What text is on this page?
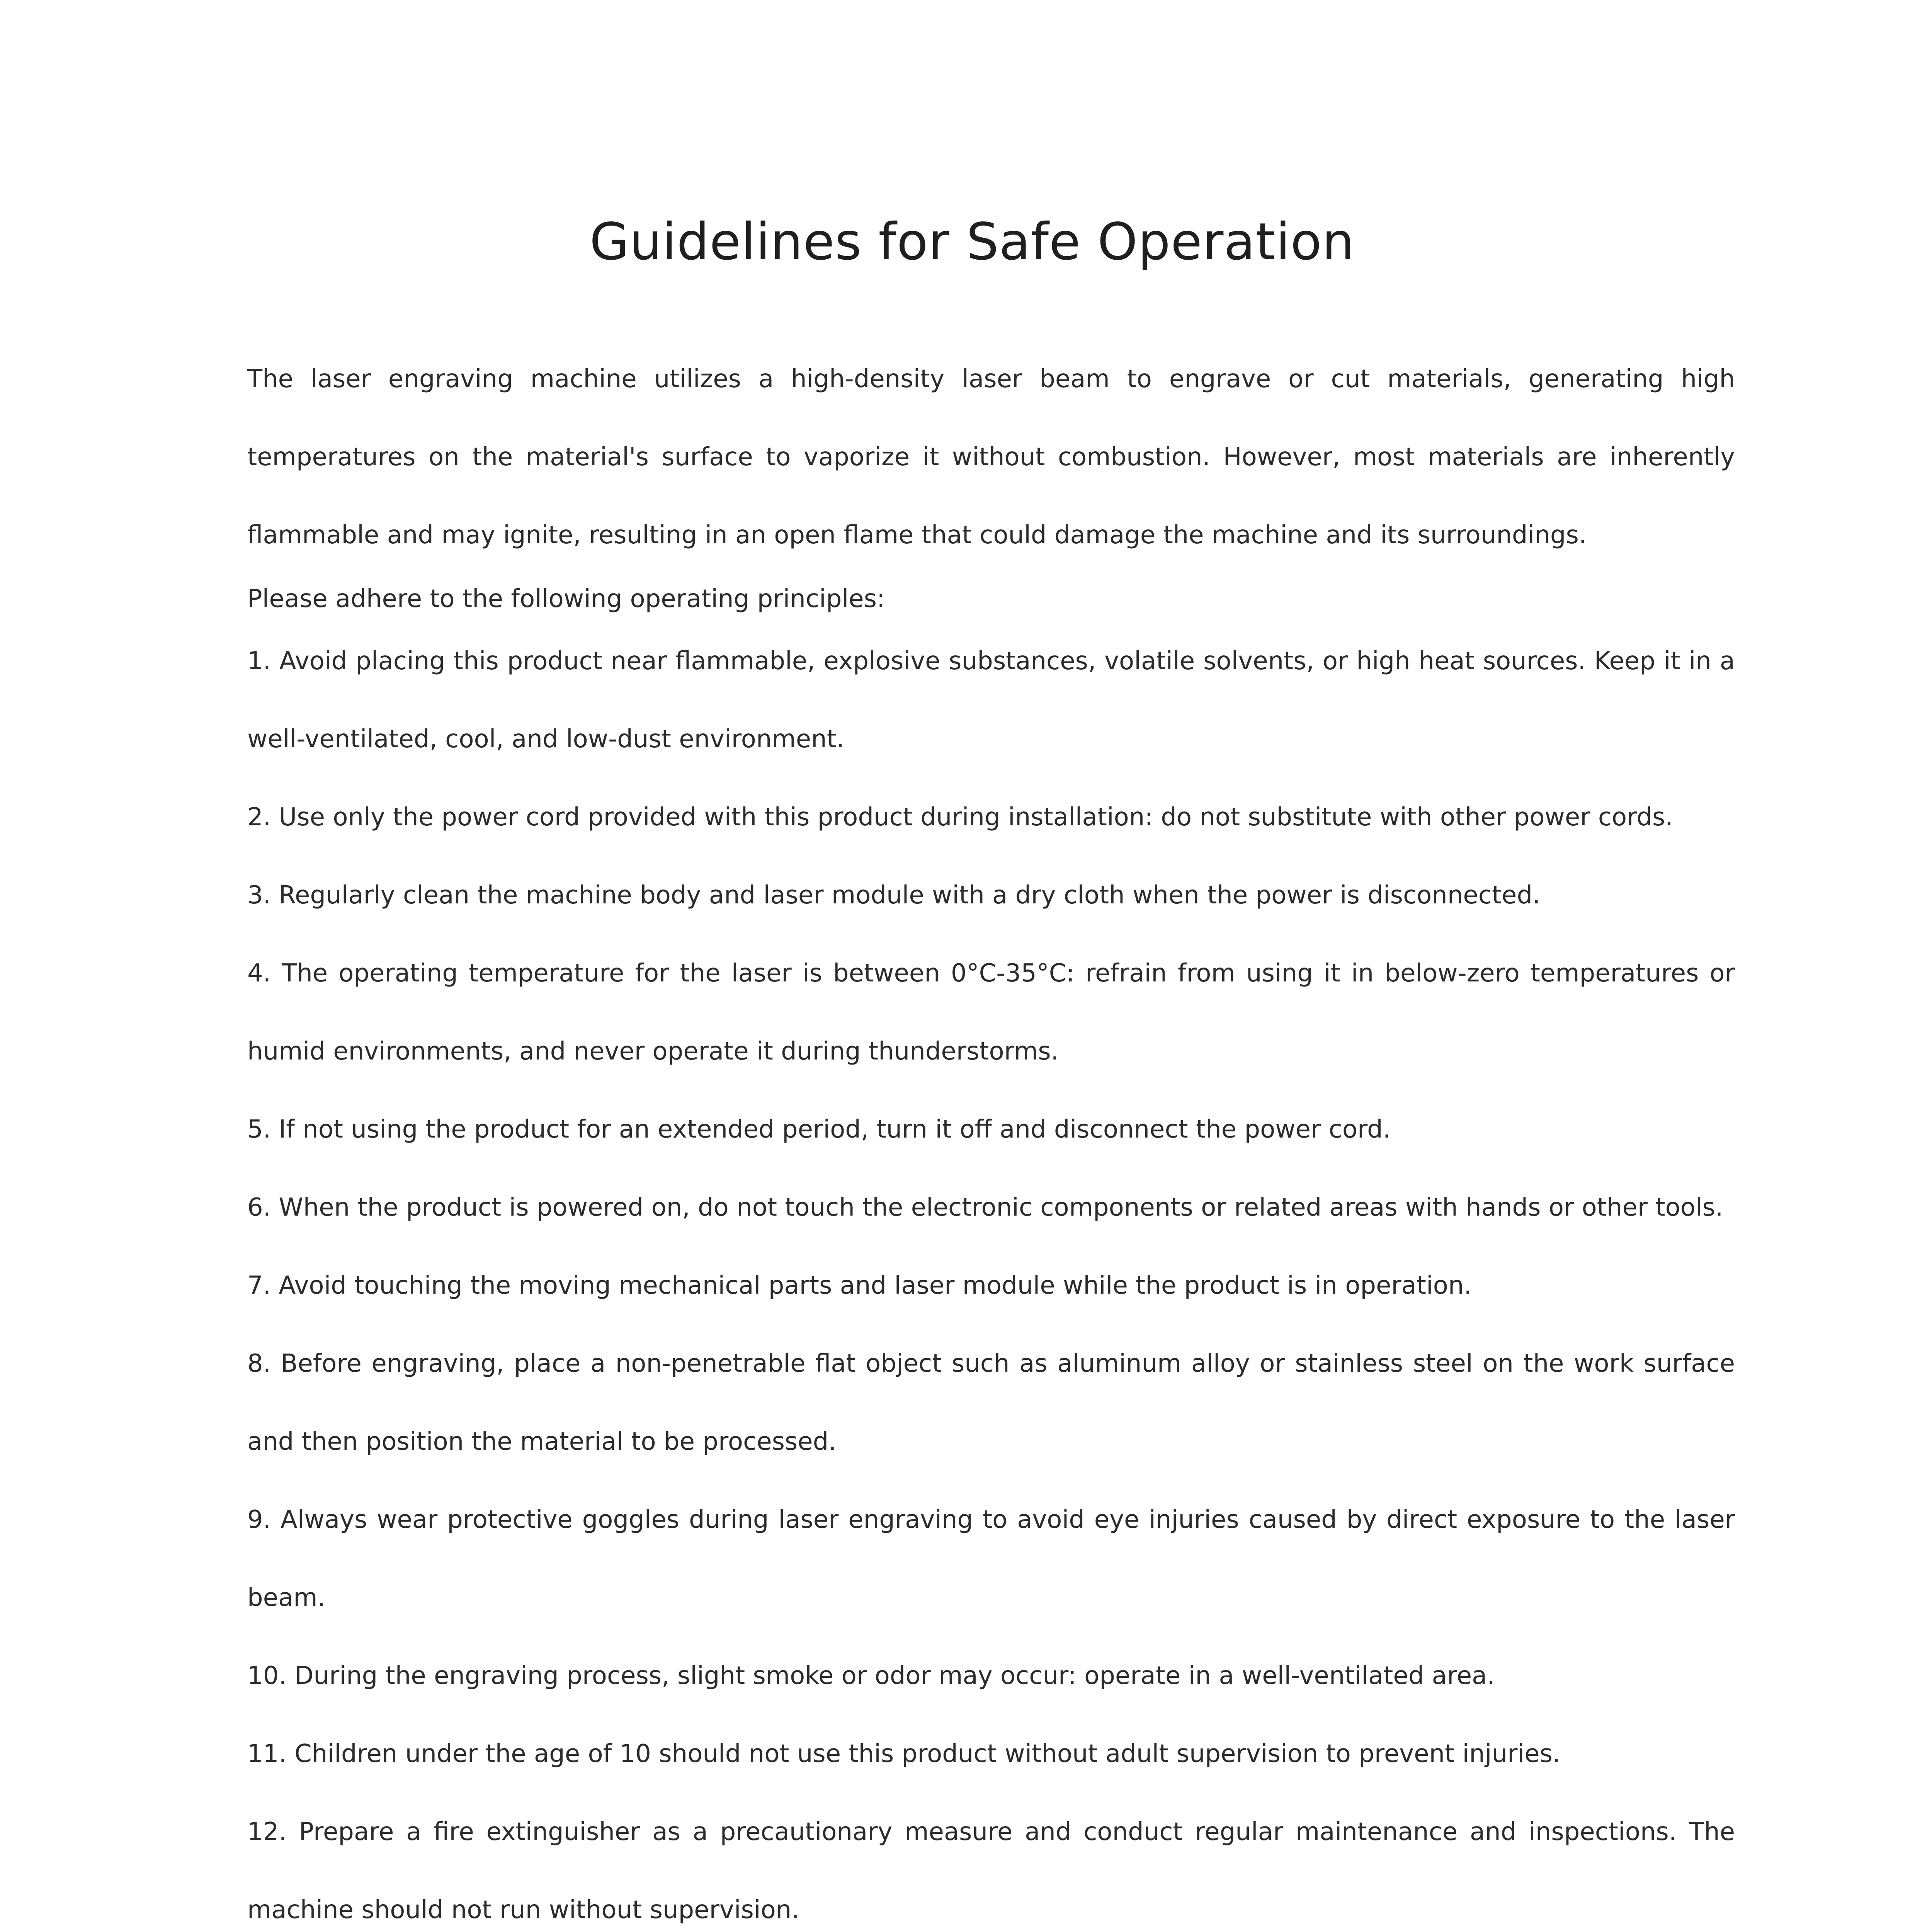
Guidelines for Safe Operation

The laser engraving machine utilizes a high-density laser beam to engrave or cut materials, generating high temperatures on the material's surface to vaporize it without combustion. However, most materials are inherently flammable and may ignite, resulting in an open flame that could damage the machine and its surroundings.

Please adhere to the following operating principles:

1. Avoid placing this product near flammable, explosive substances, volatile solvents, or high heat sources. Keep it in a well-ventilated, cool, and low-dust environment.

2. Use only the power cord provided with this product during installation: do not substitute with other power cords.

3. Regularly clean the machine body and laser module with a dry cloth when the power is disconnected.

4. The operating temperature for the laser is between 0°C-35°C: refrain from using it in below-zero temperatures or humid environments, and never operate it during thunderstorms.

5. If not using the product for an extended period, turn it off and disconnect the power cord.

6. When the product is powered on, do not touch the electronic components or related areas with hands or other tools.

7. Avoid touching the moving mechanical parts and laser module while the product is in operation.

8. Before engraving, place a non-penetrable flat object such as aluminum alloy or stainless steel on the work surface and then position the material to be processed.

9. Always wear protective goggles during laser engraving to avoid eye injuries caused by direct exposure to the laser beam.

10. During the engraving process, slight smoke or odor may occur: operate in a well-ventilated area.

11. Children under the age of 10 should not use this product without adult supervision to prevent injuries.

12. Prepare a fire extinguisher as a precautionary measure and conduct regular maintenance and inspections. The machine should not run without supervision.
